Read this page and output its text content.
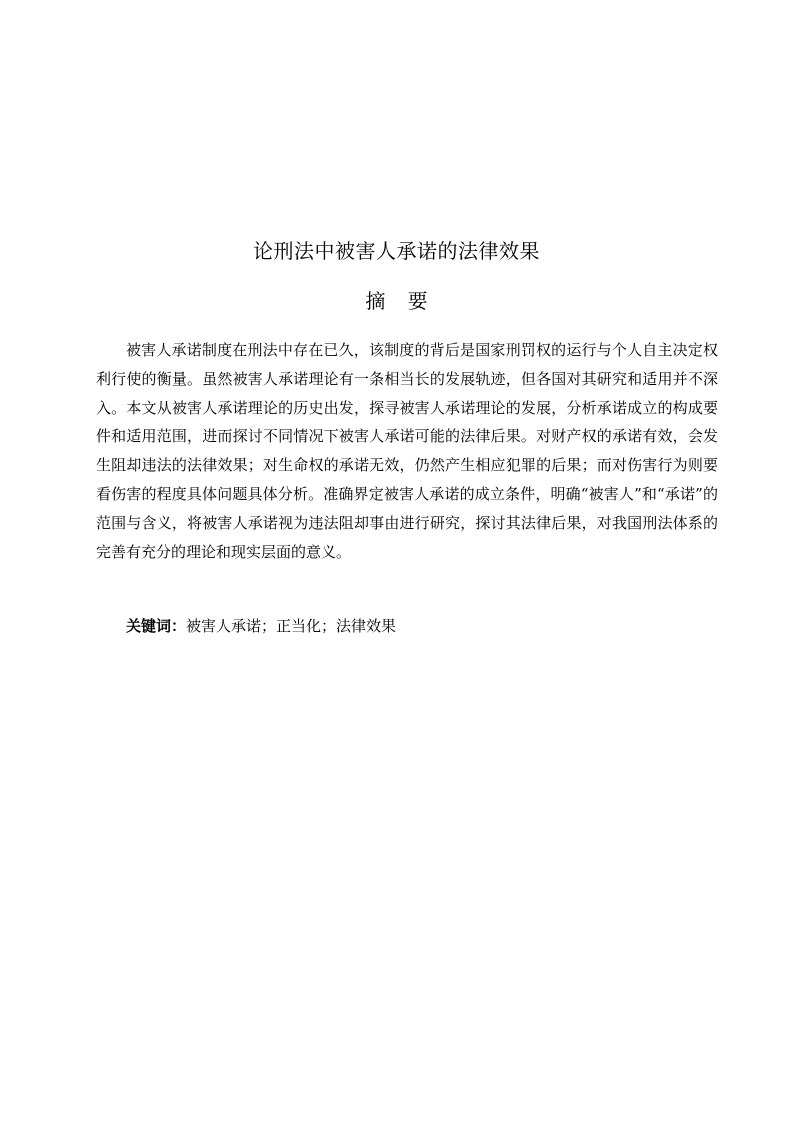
论刑法中被害人承诺的法律效果
摘 要

被害人承诺制度在刑法中存在已久，该制度的背后是国家刑罚权的运行与个人自主决定权利行使的衡量。虽然被害人承诺理论有一条相当长的发展轨迹，但各国对其研究和适用并不深入。本文从被害人承诺理论的历史出发，探寻被害人承诺理论的发展，分析承诺成立的构成要件和适用范围，进而探讨不同情况下被害人承诺可能的法律后果。对财产权的承诺有效，会发生阻却违法的法律效果；对生命权的承诺无效，仍然产生相应犯罪的后果；而对伤害行为则要看伤害的程度具体问题具体分析。准确界定被害人承诺的成立条件，明确“被害人”和“承诺”的范围与含义，将被害人承诺视为违法阻却事由进行研究，探讨其法律后果，对我国刑法体系的完善有充分的理论和现实层面的意义。

关键词：被害人承诺；正当化；法律效果
